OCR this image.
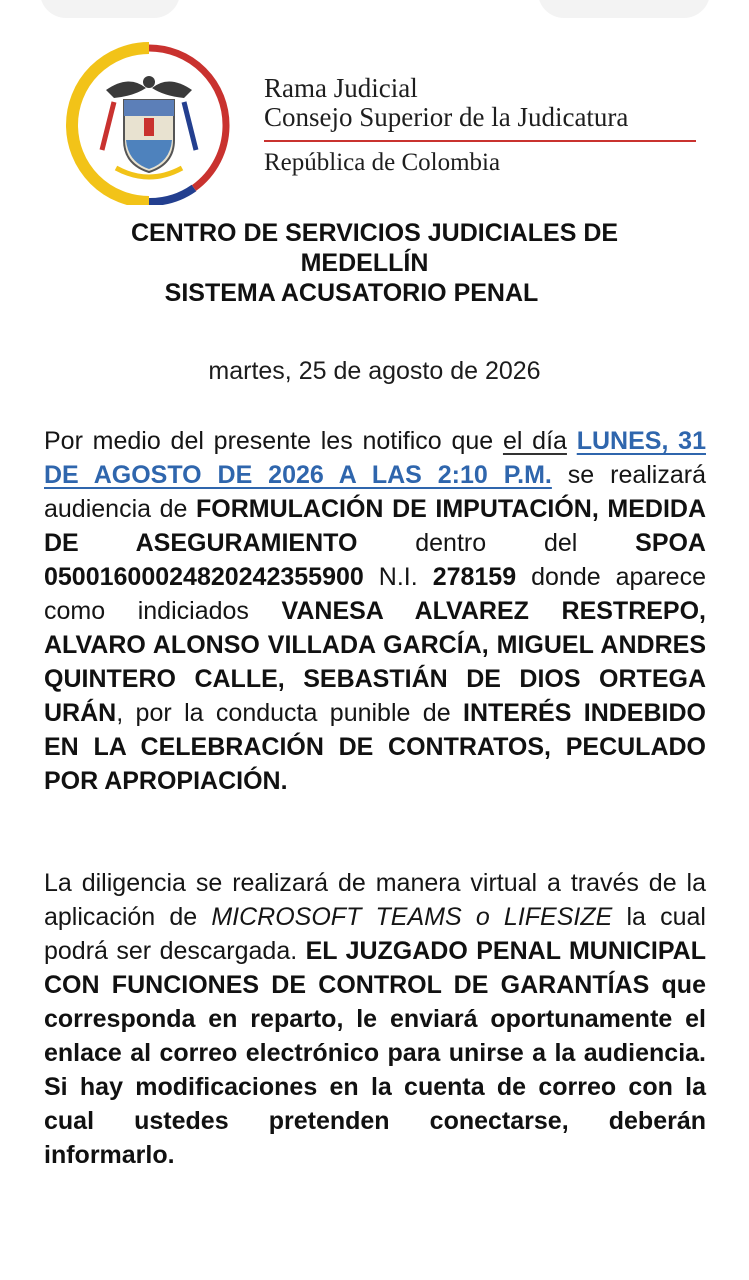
Rama Judicial
Consejo Superior de la Judicatura
República de Colombia
CENTRO DE SERVICIOS JUDICIALES DE
MEDELLÍN
SISTEMA ACUSATORIO PENAL
martes, 25 de agosto de 2026
Por medio del presente les notifico que el día LUNES, 31 DE AGOSTO DE 2026 A LAS 2:10 P.M. se realizará audiencia de FORMULACIÓN DE IMPUTACIÓN, MEDIDA DE ASEGURAMIENTO dentro del SPOA 05001600024820242355900 N.I. 278159 donde aparece como indiciados VANESA ALVAREZ RESTREPO, ALVARO ALONSO VILLADA GARCÍA, MIGUEL ANDRES QUINTERO CALLE, SEBASTIÁN DE DIOS ORTEGA URÁN, por la conducta punible de INTERÉS INDEBIDO EN LA CELEBRACIÓN DE CONTRATOS, PECULADO POR APROPIACIÓN.
La diligencia se realizará de manera virtual a través de la aplicación de MICROSOFT TEAMS o LIFESIZE la cual podrá ser descargada. EL JUZGADO PENAL MUNICIPAL CON FUNCIONES DE CONTROL DE GARANTÍAS que corresponda en reparto, le enviará oportunamente el enlace al correo electrónico para unirse a la audiencia. Si hay modificaciones en la cuenta de correo con la cual ustedes pretenden conectarse, deberán informarlo.
